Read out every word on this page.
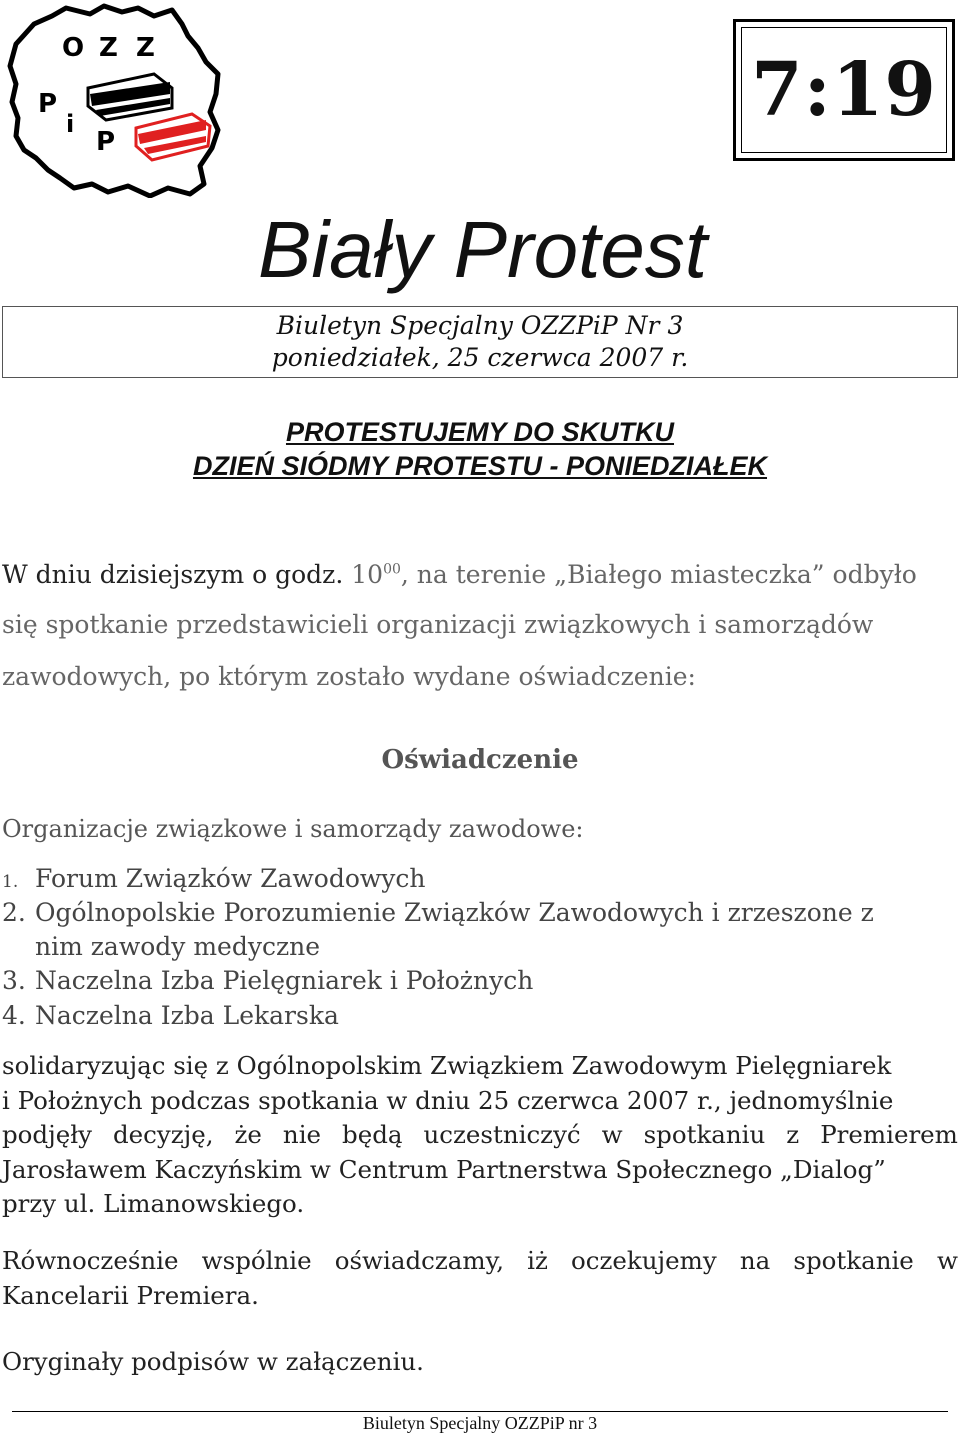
O Z Z
P
i
P
7:19
Biały Protest
Biuletyn Specjalny OZZPiP Nr 3
poniedziałek, 25 czerwca 2007 r.
PROTESTUJEMY DO SKUTKU
DZIEŃ SIÓDMY PROTESTU - PONIEDZIAŁEK
W dniu dzisiejszym o godz. $10^{00}$, na terenie „Białego miasteczka” odbyło
się spotkanie przedstawicieli organizacji związkowych i samorządów
zawodowych, po którym zostało wydane oświadczenie:
Oświadczenie
Organizacje związkowe i samorządy zawodowe:
1. Forum Związków Zawodowych
2. Ogólnopolskie Porozumienie Związków Zawodowych i zrzeszone z
nim zawody medyczne
3. Naczelna Izba Pielęgniarek i Położnych
4. Naczelna Izba Lekarska
solidaryzując się z Ogólnopolskim Związkiem Zawodowym Pielęgniarek
i Położnych podczas spotkania w dniu 25 czerwca 2007 r., jednomyślnie
podjęły decyzję, że nie będą uczestniczyć w spotkaniu z Premierem
Jarosławem Kaczyńskim w Centrum Partnerstwa Społecznego „Dialog”
przy ul. Limanowskiego.
Równocześnie wspólnie oświadczamy, iż oczekujemy na spotkanie w
Kancelarii Premiera.
Oryginały podpisów w załączeniu.
Biuletyn Specjalny OZZPiP nr 3
